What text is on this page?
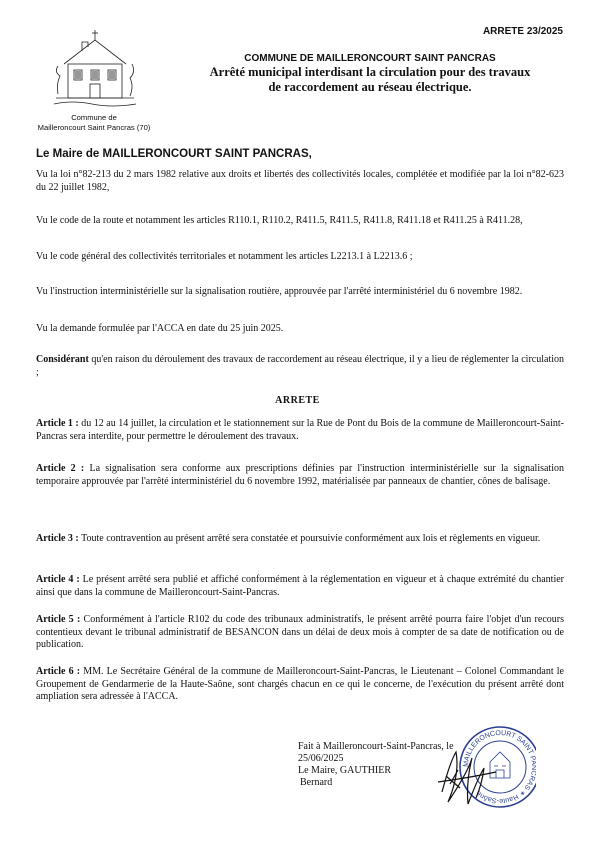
ARRETE 23/2025
Commune de
Mailleroncourt Saint Pancras (70)
COMMUNE DE MAILLERONCOURT SAINT PANCRAS
Arrêté municipal interdisant la circulation pour des travaux
de raccordement au réseau électrique.
Le Maire de MAILLERONCOURT SAINT PANCRAS,
Vu la loi n°82-213 du 2 mars 1982 relative aux droits et libertés des collectivités locales, complétée et modifiée par la loi n°82-623 du 22 juillet 1982,
Vu le code de la route et notamment les articles R110.1, R110.2, R411.5, R411.5, R411.8, R411.18 et R411.25 à R411.28,
Vu le code général des collectivités territoriales et notamment les articles L2213.1 à L2213.6 ;
Vu l'instruction interministérielle sur la signalisation routière, approuvée par l'arrêté interministériel du 6 novembre 1982.
Vu la demande formulée par l'ACCA en date du 25 juin 2025.
Considérant qu'en raison du déroulement des travaux de raccordement au réseau électrique, il y a lieu de réglementer la circulation ;
ARRETE
Article 1 : du 12 au 14 juillet, la circulation et le stationnement sur la Rue de Pont du Bois de la commune de Mailleroncourt-Saint-Pancras sera interdite, pour permettre le déroulement des travaux.
Article 2 : La signalisation sera conforme aux prescriptions définies par l'instruction interministérielle sur la signalisation temporaire approuvée par l'arrêté interministériel du 6 novembre 1992, matérialisée par panneaux de chantier, cônes de balisage.
Article 3 : Toute contravention au présent arrêté sera constatée et poursuivie conformément aux lois et règlements en vigueur.
Article 4 : Le présent arrêté sera publié et affiché conformément à la réglementation en vigueur et à chaque extrémité du chantier ainsi que dans la commune de Mailleroncourt-Saint-Pancras.
Article 5 : Conformément à l'article R102 du code des tribunaux administratifs, le présent arrêté pourra faire l'objet d'un recours contentieux devant le tribunal administratif de BESANCON dans un délai de deux mois à compter de sa date de notification ou de publication.
Article 6 : MM. Le Secrétaire Général de la commune de Mailleroncourt-Saint-Pancras, le Lieutenant – Colonel Commandant le Groupement de Gendarmerie de la Haute-Saône, sont chargés chacun en ce qui le concerne, de l'exécution du présent arrêté dont ampliation sera adressée à l'ACCA.
Fait à Mailleroncourt-Saint-Pancras, le
25/06/2025
Le Maire, GAUTHIER
Bernard
MAILLERONCOURT SAINT P RAS ✶ Haute-Saône
